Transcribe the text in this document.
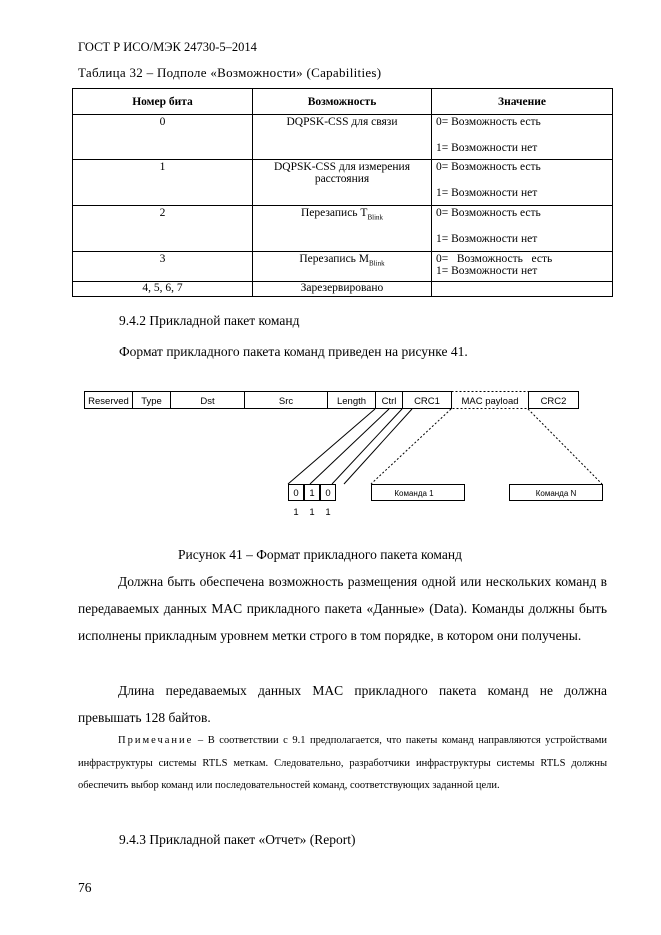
ГОСТ Р ИСО/МЭК 24730-5–2014
Таблица 32 – Подполе «Возможности» (Capabilities)
Номер бита	Возможность	Значение
0	DQPSK-CSS для связи	0= Возможность есть
1= Возможности нет

1	DQPSK-CSS для измерения расстояния	0= Возможность есть
1= Возможности нет

2	Перезапись $T_{Blink}$	0= Возможность есть
1= Возможности нет

3	Перезапись $M_{Blink}$	0=   Возможность   есть
1= Возможности нет

4, 5, 6, 7	Зарезервировано	
9.4.2 Прикладной пакет команд
Формат прикладного пакета команд приведен на рисунке 41.
Reserved Type	Dst	Src	Length Ctrl CRC1 MAC payload CRC2
0 1 0
1 1 1
Команда 1	Команда N
Рисунок 41 – Формат прикладного пакета команд
Должна быть обеспечена возможность размещения одной или нескольких команд в передаваемых данных MAC прикладного пакета «Данные» (Data). Команды должны быть исполнены прикладным уровнем метки строго в том порядке, в котором они получены.
Длина передаваемых данных MAC прикладного пакета команд не должна превышать 128 байтов.
Примечание – В соответствии с 9.1 предполагается, что пакеты команд направляются устройствами инфраструктуры системы RTLS меткам. Следовательно, разработчики инфраструктуры системы RTLS должны обеспечить выбор команд или последовательностей команд, соответствующих заданной цели.
9.4.3 Прикладной пакет «Отчет» (Report)
76
